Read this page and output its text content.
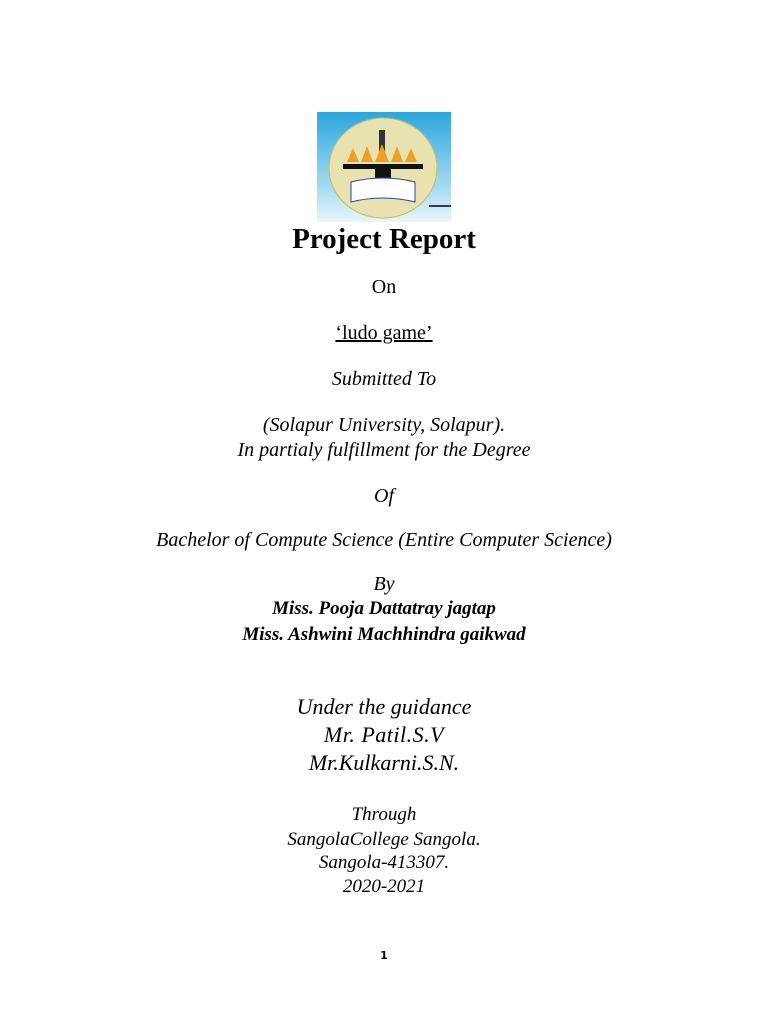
Project Report
On
‘ludo game’
Submitted To
(Solapur University, Solapur).
In partialy fulfillment for the Degree
Of
Bachelor of Compute Science (Entire Computer Science)
By
Miss. Pooja Dattatray jagtap
Miss. Ashwini Machhindra gaikwad
Under the guidance
Mr. Patil.S.V
Mr.Kulkarni.S.N.
Through
SangolaCollege Sangola.
Sangola-413307.
2020-2021
1
